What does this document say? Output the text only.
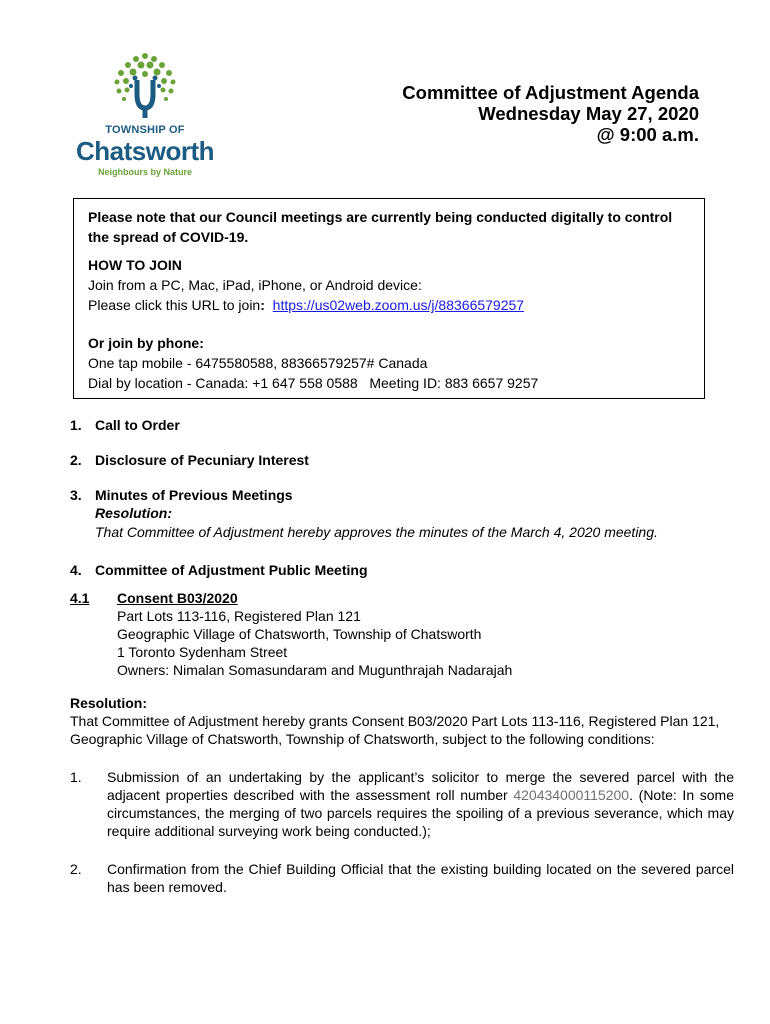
TOWNSHIP OF
Chatsworth
Neighbours by Nature
Committee of Adjustment Agenda
Wednesday May 27, 2020
@ 9:00 a.m.

Please note that our Council meetings are currently being conducted digitally to control the spread of COVID-19.

HOW TO JOIN

Join from a PC, Mac, iPad, iPhone, or Android device:

Please click this URL to join: https://us02web.zoom.us/j/88366579257

Or join by phone:

One tap mobile - 6475580588, 88366579257# Canada

Dial by location - Canada: +1 647 558 0588   Meeting ID: 883 6657 9257

1. Call to Order
2. Disclosure of Pecuniary Interest
3. Minutes of Previous Meetings
Resolution:
That Committee of Adjustment hereby approves the minutes of the March 4, 2020 meeting.
4. Committee of Adjustment Public Meeting
4.1	Consent B03/2020
Part Lots 113-116, Registered Plan 121
Geographic Village of Chatsworth, Township of Chatsworth
1 Toronto Sydenham Street
Owners: Nimalan Somasundaram and Mugunthrajah Nadarajah
Resolution:
That Committee of Adjustment hereby grants Consent B03/2020 Part Lots 113-116, Registered Plan 121, Geographic Village of Chatsworth, Township of Chatsworth, subject to the following conditions:
1.	Submission of an undertaking by the applicant’s solicitor to merge the severed parcel with the adjacent properties described with the assessment roll number 420434000115200. (Note: In some circumstances, the merging of two parcels requires the spoiling of a previous severance, which may require additional surveying work being conducted.);
2.	Confirmation from the Chief Building Official that the existing building located on the severed parcel has been removed.
